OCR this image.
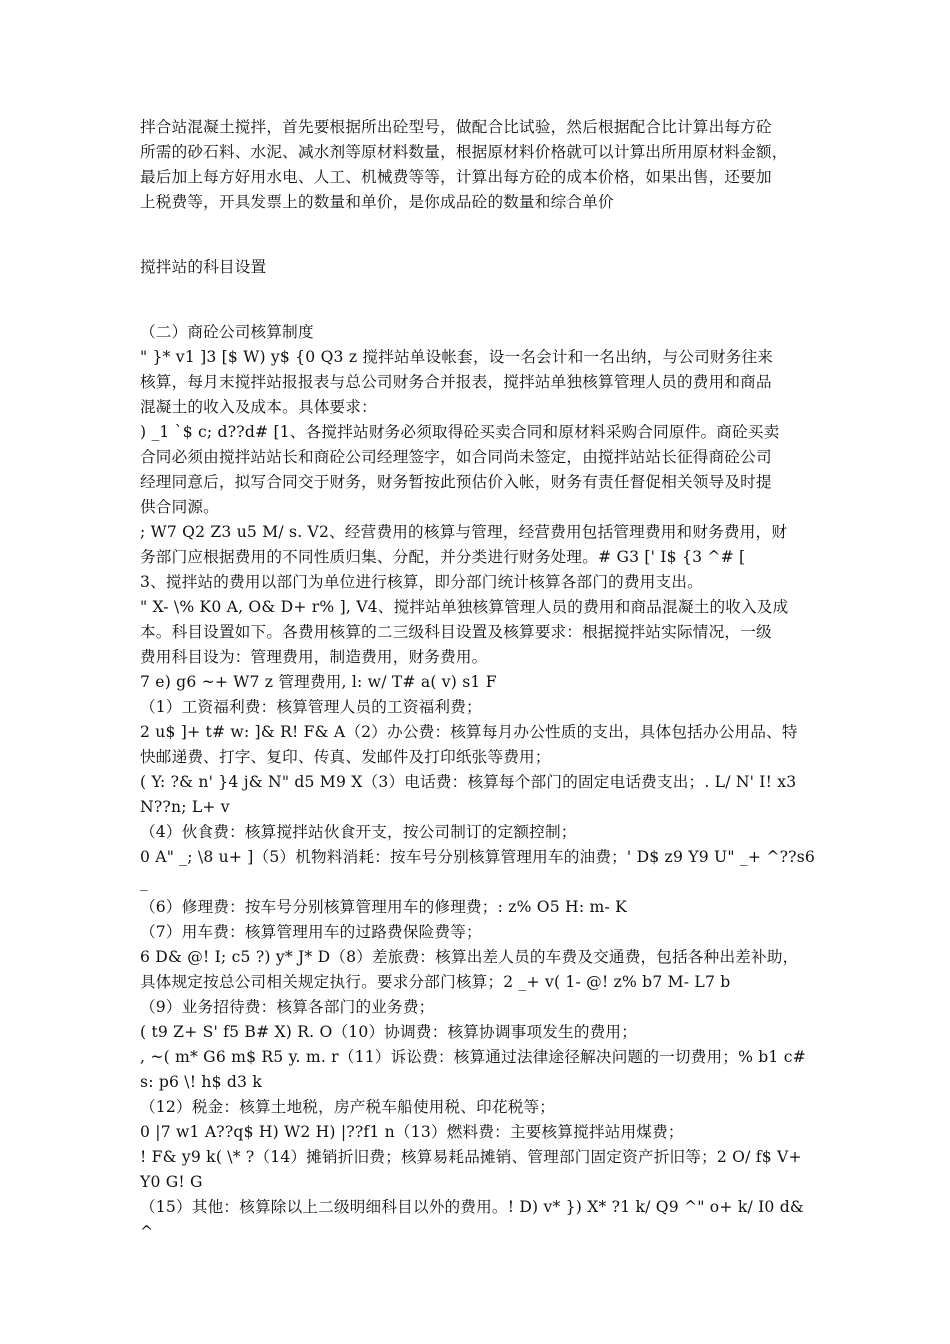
拌合站混凝土搅拌，首先要根据所出砼型号，做配合比试验，然后根据配合比计算出每方砼
所需的砂石料、水泥、减水剂等原材料数量，根据原材料价格就可以计算出所用原材料金额，
最后加上每方好用水电、人工、机械费等等，计算出每方砼的成本价格，如果出售，还要加
上税费等，开具发票上的数量和单价，是你成品砼的数量和综合单价
搅拌站的科目设置
（二）商砼公司核算制度
" }* v1 ]3 [$ W) y$ {0 Q3 z 搅拌站单设帐套，设一名会计和一名出纳，与公司财务往来
核算，每月末搅拌站报报表与总公司财务合并报表，搅拌站单独核算管理人员的费用和商品
混凝土的收入及成本。具体要求：
) _1 `$ c; d??d# [1、各搅拌站财务必须取得砼买卖合同和原材料采购合同原件。商砼买卖
合同必须由搅拌站站长和商砼公司经理签字，如合同尚未签定，由搅拌站站长征得商砼公司
经理同意后，拟写合同交于财务，财务暂按此预估价入帐，财务有责任督促相关领导及时提
供合同源。
; W7 Q2 Z3 u5 M/ s. V2、经营费用的核算与管理，经营费用包括管理费用和财务费用，财
务部门应根据费用的不同性质归集、分配，并分类进行财务处理。# G3 [' I$ {3 ^# [
3、搅拌站的费用以部门为单位进行核算，即分部门统计核算各部门的费用支出。
" X- \% K0 A, O& D+ r% ], V4、搅拌站单独核算管理人员的费用和商品混凝土的收入及成
本。科目设置如下。各费用核算的二三级科目设置及核算要求：根据搅拌站实际情况，一级
费用科目设为：管理费用，制造费用，财务费用。
7 e) g6 ~+ W7 z 管理费用, l: w/ T# a( v) s1 F
（1）工资福利费：核算管理人员的工资福利费；
2 u$ ]+ t# w: ]& R! F& A（2）办公费：核算每月办公性质的支出，具体包括办公用品、特
快邮递费、打字、复印、传真、发邮件及打印纸张等费用；
( Y: ?& n' }4 j& N" d5 M9 X（3）电话费：核算每个部门的固定电话费支出；. L/ N' I! x3
N??n; L+ v
（4）伙食费：核算搅拌站伙食开支，按公司制订的定额控制；
0 A" _; \8 u+ ]（5）机物料消耗：按车号分别核算管理用车的油费；' D$ z9 Y9 U" _+ ^??s6
_
（6）修理费：按车号分别核算管理用车的修理费；: z% O5 H: m- K
（7）用车费：核算管理用车的过路费保险费等；
6 D& @! I; c5 ?) y* J* D（8）差旅费：核算出差人员的车费及交通费，包括各种出差补助，
具体规定按总公司相关规定执行。要求分部门核算；2 _+ v( 1- @! z% b7 M- L7 b
（9）业务招待费：核算各部门的业务费；
( t9 Z+ S' f5 B# X) R. O（10）协调费：核算协调事项发生的费用；
, ~( m* G6 m$ R5 y. m. r（11）诉讼费：核算通过法律途径解决问题的一切费用；% b1 c#
s: p6 \! h$ d3 k
（12）税金：核算土地税，房产税车船使用税、印花税等；
0 |7 w1 A??q$ H) W2 H) |??f1 n（13）燃料费：主要核算搅拌站用煤费；
! F& y9 k( \* ?（14）摊销折旧费；核算易耗品摊销、管理部门固定资产折旧等；2 O/ f$ V+
Y0 G! G
（15）其他：核算除以上二级明细科目以外的费用。! D) v* }) X* ?1 k/ Q9 ^" o+ k/ I0 d&
^
